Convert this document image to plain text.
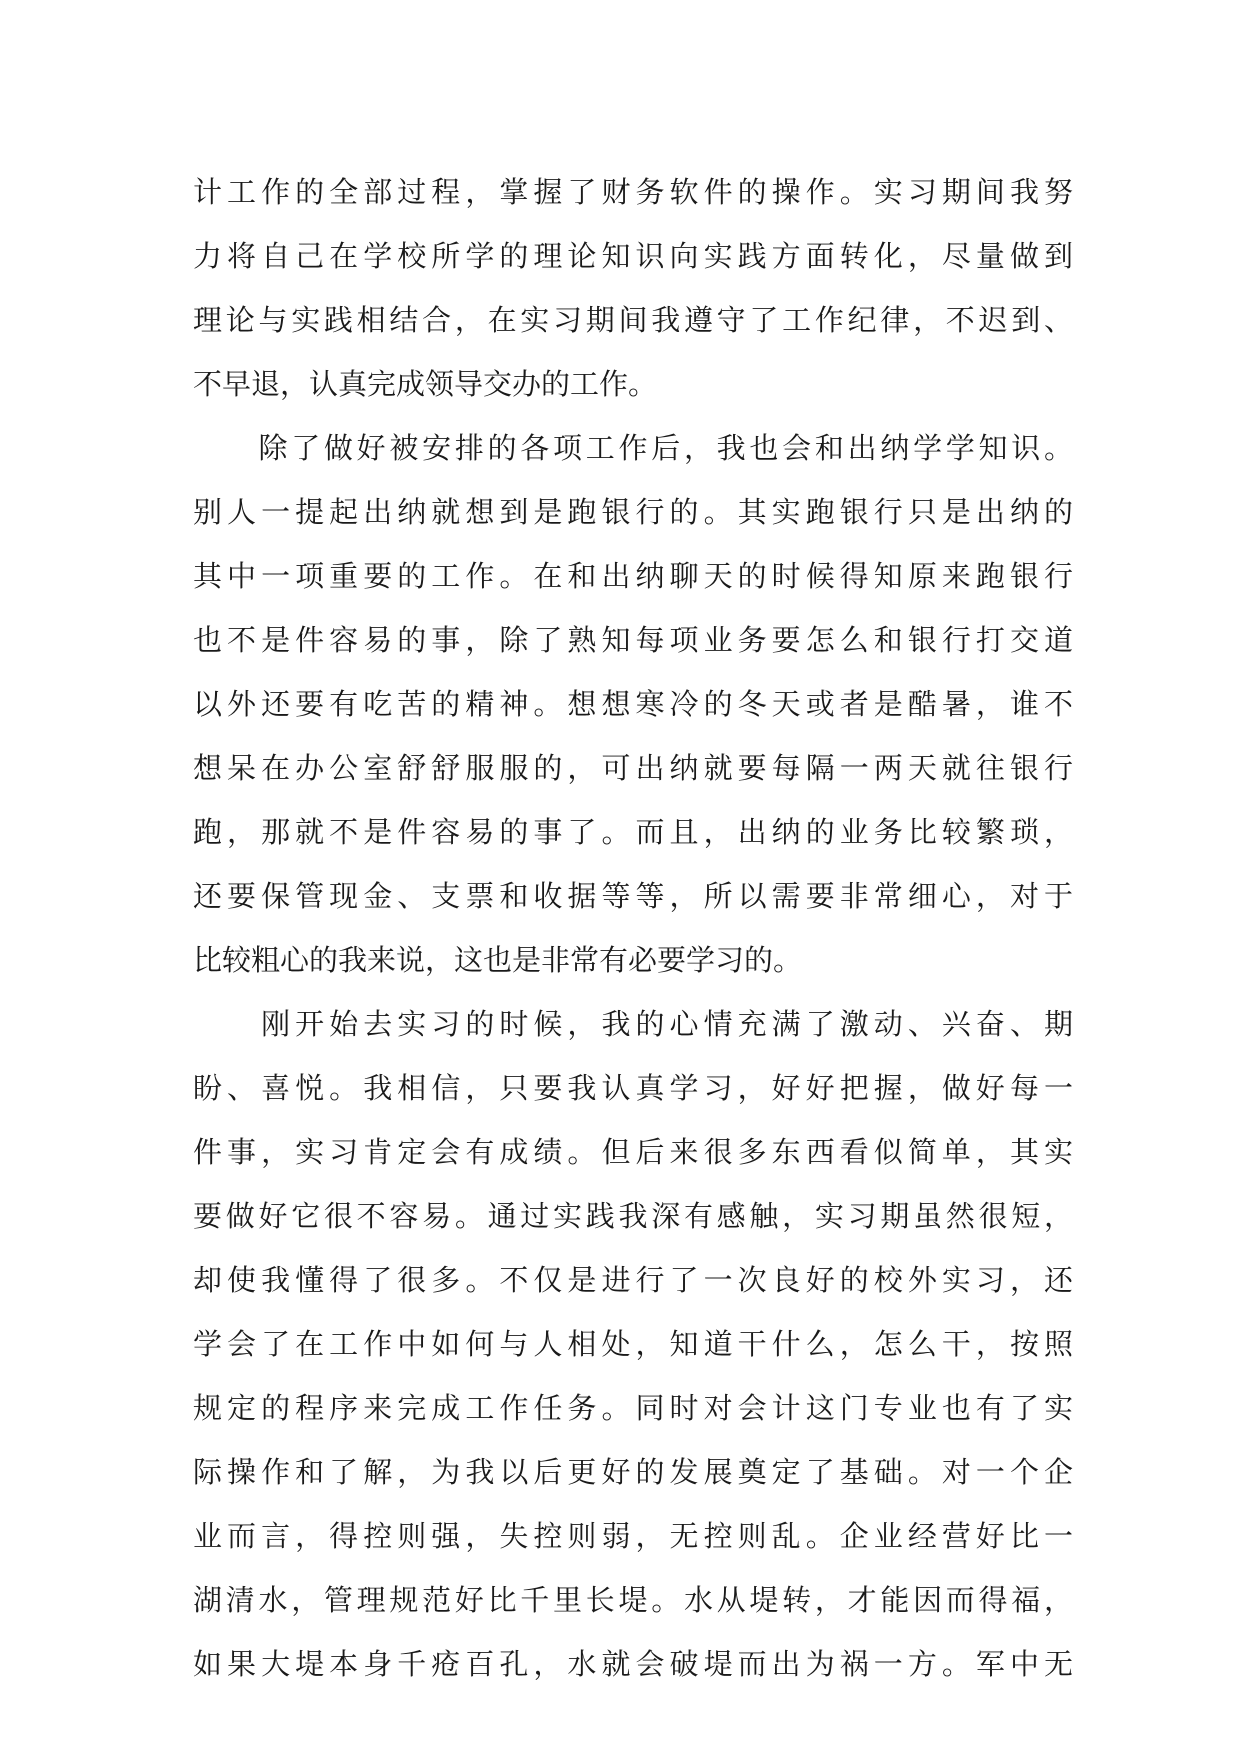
计工作的全部过程，掌握了财务软件的操作。实习期间我努
力将自己在学校所学的理论知识向实践方面转化，尽量做到
理论与实践相结合，在实习期间我遵守了工作纪律，不迟到、
不早退，认真完成领导交办的工作。
　　除了做好被安排的各项工作后，我也会和出纳学学知识。
别人一提起出纳就想到是跑银行的。其实跑银行只是出纳的
其中一项重要的工作。在和出纳聊天的时候得知原来跑银行
也不是件容易的事，除了熟知每项业务要怎么和银行打交道
以外还要有吃苦的精神。想想寒冷的冬天或者是酷暑，谁不
想呆在办公室舒舒服服的，可出纳就要每隔一两天就往银行
跑，那就不是件容易的事了。而且，出纳的业务比较繁琐，
还要保管现金、支票和收据等等，所以需要非常细心，对于
比较粗心的我来说，这也是非常有必要学习的。
　　刚开始去实习的时候，我的心情充满了激动、兴奋、期
盼、喜悦。我相信，只要我认真学习，好好把握，做好每一
件事，实习肯定会有成绩。但后来很多东西看似简单，其实
要做好它很不容易。通过实践我深有感触，实习期虽然很短，
却使我懂得了很多。不仅是进行了一次良好的校外实习，还
学会了在工作中如何与人相处，知道干什么，怎么干，按照
规定的程序来完成工作任务。同时对会计这门专业也有了实
际操作和了解，为我以后更好的发展奠定了基础。对一个企
业而言，得控则强，失控则弱，无控则乱。企业经营好比一
湖清水，管理规范好比千里长堤。水从堤转，才能因而得福，
如果大堤本身千疮百孔，水就会破堤而出为祸一方。军中无
